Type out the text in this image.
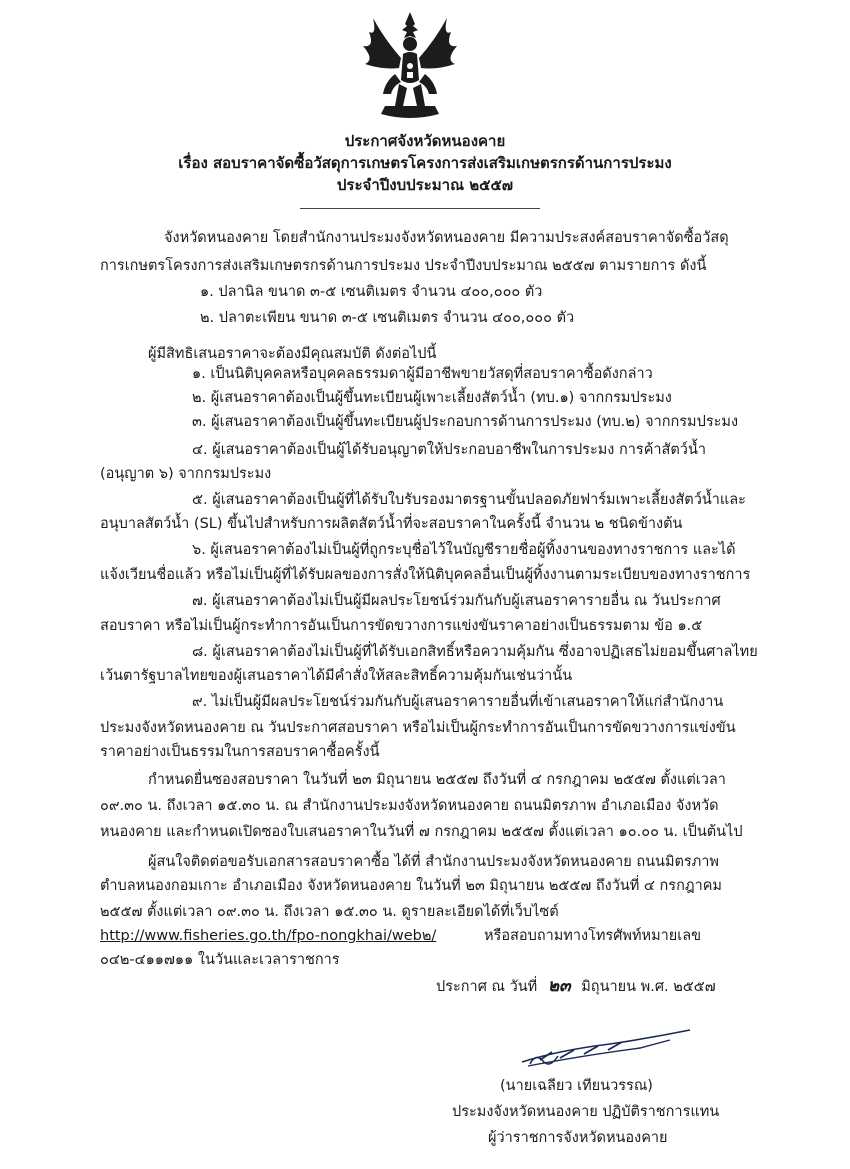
ประกาศจังหวัดหนองคาย
เรื่อง สอบราคาจัดซื้อวัสดุการเกษตรโครงการส่งเสริมเกษตรกรด้านการประมง
ประจำปีงบประมาณ ๒๕๕๗
จังหวัดหนองคาย โดยสำนักงานประมงจังหวัดหนองคาย มีความประสงค์สอบราคาจัดซื้อวัสดุ
การเกษตรโครงการส่งเสริมเกษตรกรด้านการประมง ประจำปีงบประมาณ ๒๕๕๗ ตามรายการ ดังนี้
๑. ปลานิล ขนาด ๓-๕ เซนติเมตร จำนวน ๔๐๐,๐๐๐ ตัว
๒. ปลาตะเพียน ขนาด ๓-๕ เซนติเมตร จำนวน ๔๐๐,๐๐๐ ตัว
ผู้มีสิทธิเสนอราคาจะต้องมีคุณสมบัติ ดังต่อไปนี้
๑. เป็นนิติบุคคลหรือบุคคลธรรมดาผู้มีอาชีพขายวัสดุที่สอบราคาซื้อดังกล่าว
๒. ผู้เสนอราคาต้องเป็นผู้ขึ้นทะเบียนผู้เพาะเลี้ยงสัตว์น้ำ (ทบ.๑) จากกรมประมง
๓. ผู้เสนอราคาต้องเป็นผู้ขึ้นทะเบียนผู้ประกอบการด้านการประมง (ทบ.๒) จากกรมประมง
๔. ผู้เสนอราคาต้องเป็นผู้ได้รับอนุญาตให้ประกอบอาชีพในการประมง การค้าสัตว์น้ำ
(อนุญาต ๖) จากกรมประมง
๕. ผู้เสนอราคาต้องเป็นผู้ที่ได้รับใบรับรองมาตรฐานขั้นปลอดภัยฟาร์มเพาะเลี้ยงสัตว์น้ำและ
อนุบาลสัตว์น้ำ (SL) ขึ้นไปสำหรับการผลิตสัตว์น้ำที่จะสอบราคาในครั้งนี้ จำนวน ๒ ชนิดข้างต้น
๖. ผู้เสนอราคาต้องไม่เป็นผู้ที่ถูกระบุชื่อไว้ในบัญชีรายชื่อผู้ทิ้งงานของทางราชการ และได้
แจ้งเวียนชื่อแล้ว หรือไม่เป็นผู้ที่ได้รับผลของการสั่งให้นิติบุคคลอื่นเป็นผู้ทิ้งงานตามระเบียบของทางราชการ
๗. ผู้เสนอราคาต้องไม่เป็นผู้มีผลประโยชน์ร่วมกันกับผู้เสนอราคารายอื่น ณ วันประกาศ
สอบราคา หรือไม่เป็นผู้กระทำการอันเป็นการขัดขวางการแข่งขันราคาอย่างเป็นธรรมตาม ข้อ ๑.๕
๘. ผู้เสนอราคาต้องไม่เป็นผู้ที่ได้รับเอกสิทธิ์หรือความคุ้มกัน ซึ่งอาจปฏิเสธไม่ยอมขึ้นศาลไทย
เว้นตารัฐบาลไทยของผู้เสนอราคาได้มีคำสั่งให้สละสิทธิ์ความคุ้มกันเช่นว่านั้น
๙. ไม่เป็นผู้มีผลประโยชน์ร่วมกันกับผู้เสนอราคารายอื่นที่เข้าเสนอราคาให้แก่สำนักงาน
ประมงจังหวัดหนองคาย ณ วันประกาศสอบราคา หรือไม่เป็นผู้กระทำการอันเป็นการขัดขวางการแข่งขัน
ราคาอย่างเป็นธรรมในการสอบราคาซื้อครั้งนี้
กำหนดยื่นซองสอบราคา ในวันที่ ๒๓ มิถุนายน ๒๕๕๗ ถึงวันที่ ๔ กรกฎาคม ๒๕๕๗ ตั้งแต่เวลา
๐๙.๓๐ น. ถึงเวลา ๑๕.๓๐ น. ณ สำนักงานประมงจังหวัดหนองคาย ถนนมิตรภาพ อำเภอเมือง จังหวัด
หนองคาย และกำหนดเปิดซองใบเสนอราคาในวันที่ ๗ กรกฎาคม ๒๕๕๗ ตั้งแต่เวลา ๑๐.๐๐ น. เป็นต้นไป
ผู้สนใจติดต่อขอรับเอกสารสอบราคาซื้อ ได้ที่ สำนักงานประมงจังหวัดหนองคาย ถนนมิตรภาพ
ตำบลหนองกอมเกาะ อำเภอเมือง จังหวัดหนองคาย ในวันที่ ๒๓ มิถุนายน ๒๕๕๗ ถึงวันที่ ๔ กรกฎาคม
๒๕๕๗ ตั้งแต่เวลา ๐๙.๓๐ น. ถึงเวลา ๑๕.๓๐ น. ดูรายละเอียดได้ที่เว็บไซต์
http://www.fisheries.go.th/fpo-nongkhai/web๒/	หรือสอบถามทางโทรศัพท์หมายเลข
๐๔๒-๔๑๑๗๑๑ ในวันและเวลาราชการ
ประกาศ ณ วันที่ ๒๓ มิถุนายน พ.ศ. ๒๕๕๗
(นายเฉลียว เทียนวรรณ)
ประมงจังหวัดหนองคาย ปฏิบัติราชการแทน
ผู้ว่าราชการจังหวัดหนองคาย
